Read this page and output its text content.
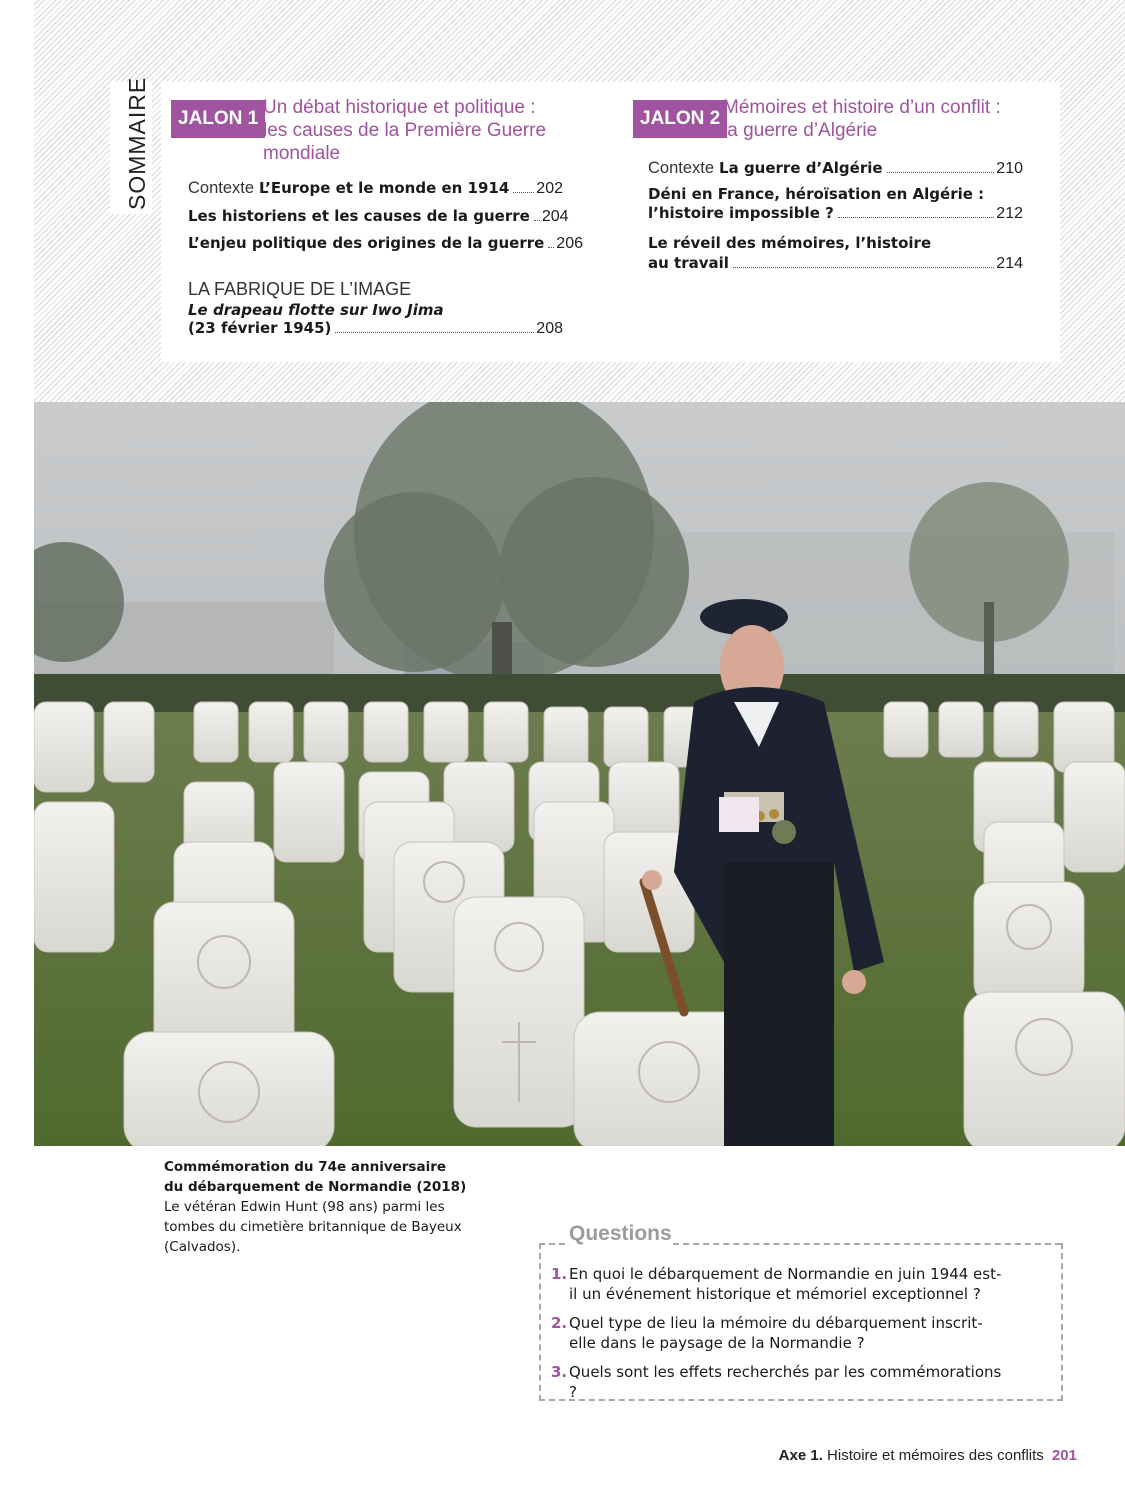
SOMMAIRE	JALON 1
Un débat historique et politique :
les causes de la Première Guerre
mondiale
Contexte L’Europe et le monde en 1914 202
Les historiens et les causes de la guerre 204
L’enjeu politique des origines de la guerre 206
LA FABRIQUE DE L’IMAGE
Le drapeau flotte sur Iwo Jima
(23 février 1945)	208
JALON 2
Mémoires et histoire d’un conflit :
la guerre d’Algérie
Contexte La guerre d’Algérie	210
Déni en France, héroïsation en Algérie :
l’histoire impossible ?	212
Le réveil des mémoires, l’histoire
au travail	214
Commémoration du 74e anniversaire
du débarquement de Normandie (2018)
Le vétéran Edwin Hunt (98 ans) parmi les tombes du cimetière britannique de Bayeux (Calvados).
Questions
1. En quoi le débarquement de Normandie en juin 1944 est-il un événement historique et mémoriel exceptionnel ?
2. Quel type de lieu la mémoire du débarquement inscrit-elle dans le paysage de la Normandie ?
3. Quels sont les effets recherchés par les commémorations ?
Axe 1. Histoire et mémoires des conflits 201
